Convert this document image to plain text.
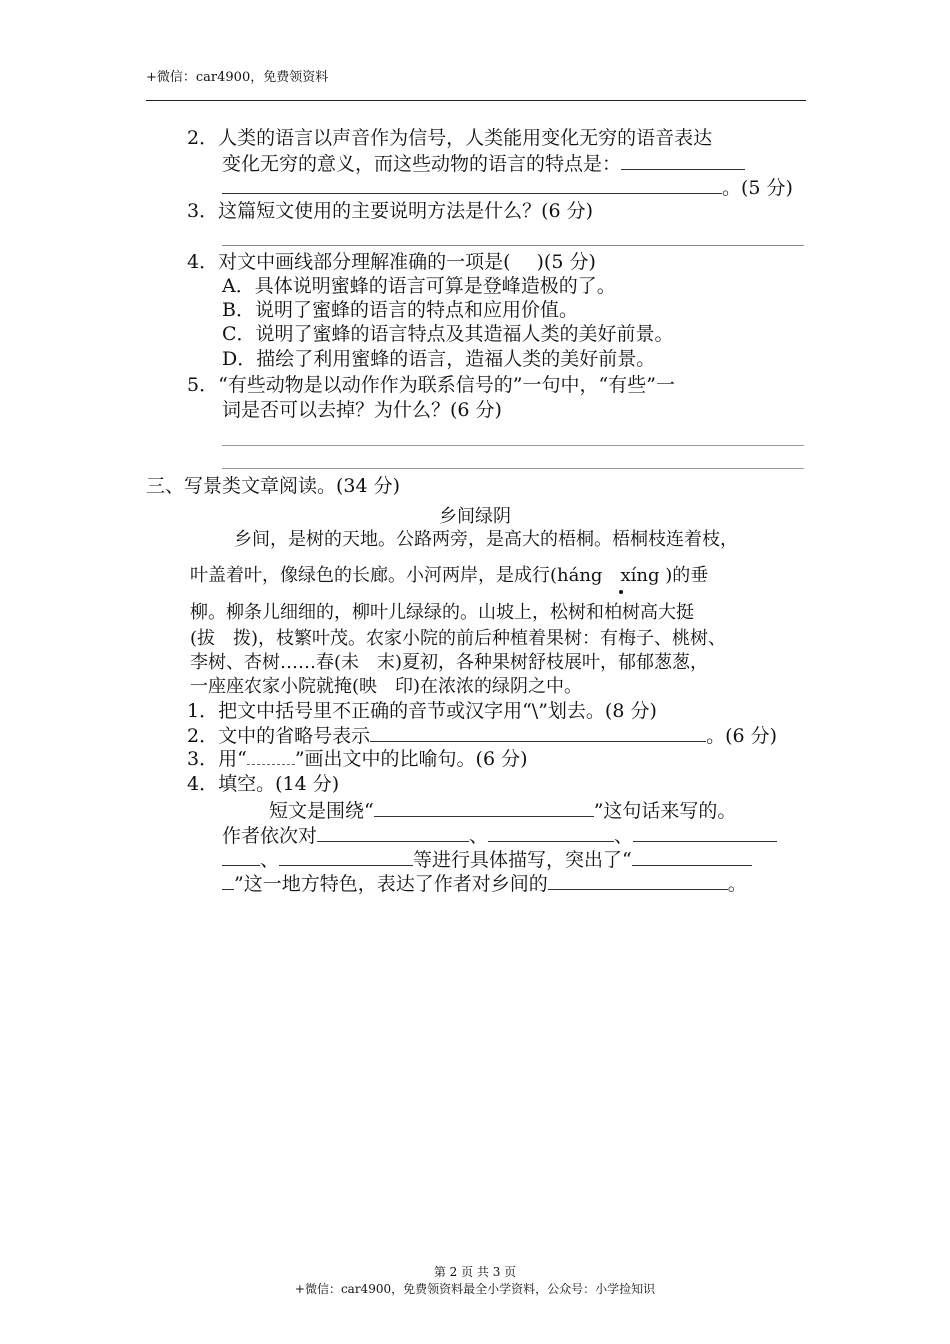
+微信：car4900，免费领资料
2．人类的语言以声音作为信号，人类能用变化无穷的语音表达
变化无穷的意义，而这些动物的语言的特点是：
。(5 分)
3．这篇短文使用的主要说明方法是什么？(6 分)
4．对文中画线部分理解准确的一项是( )(5 分)
A．具体说明蜜蜂的语言可算是登峰造极的了。
B．说明了蜜蜂的语言的特点和应用价值。
C．说明了蜜蜂的语言特点及其造福人类的美好前景。
D．描绘了利用蜜蜂的语言，造福人类的美好前景。
5．“有些动物是以动作作为联系信号的”一句中，“有些”一
词是否可以去掉？为什么？(6 分)
三、写景类文章阅读。(34 分)
乡间绿阴
乡间，是树的天地。公路两旁，是高大的梧桐。梧桐枝连着枝，
叶盖着叶，像绿色的长廊。小河两岸，是成行(háng　xíng )的垂
柳。柳条儿细细的，柳叶儿绿绿的。山坡上，松树和柏树高大挺
(拔　拨)，枝繁叶茂。农家小院的前后种植着果树：有梅子、桃树、
李树、杏树……春(未　末)夏初，各种果树舒枝展叶，郁郁葱葱，
一座座农家小院就掩(映　印)在浓浓的绿阴之中。
1．把文中括号里不正确的音节或汉字用“\”划去。(8 分)
2．文中的省略号表示	。(6 分)
3．用“	”画出文中的比喻句。(6 分)
4．填空。(14 分)
短文是围绕“	”这句话来写的。
作者依次对	、	、
、	等进行具体描写，突出了“
”这一地方特色，表达了作者对乡间的	。
第 2 页 共 3 页
+微信：car4900，免费领资料最全小学资料，公众号：小学捡知识
